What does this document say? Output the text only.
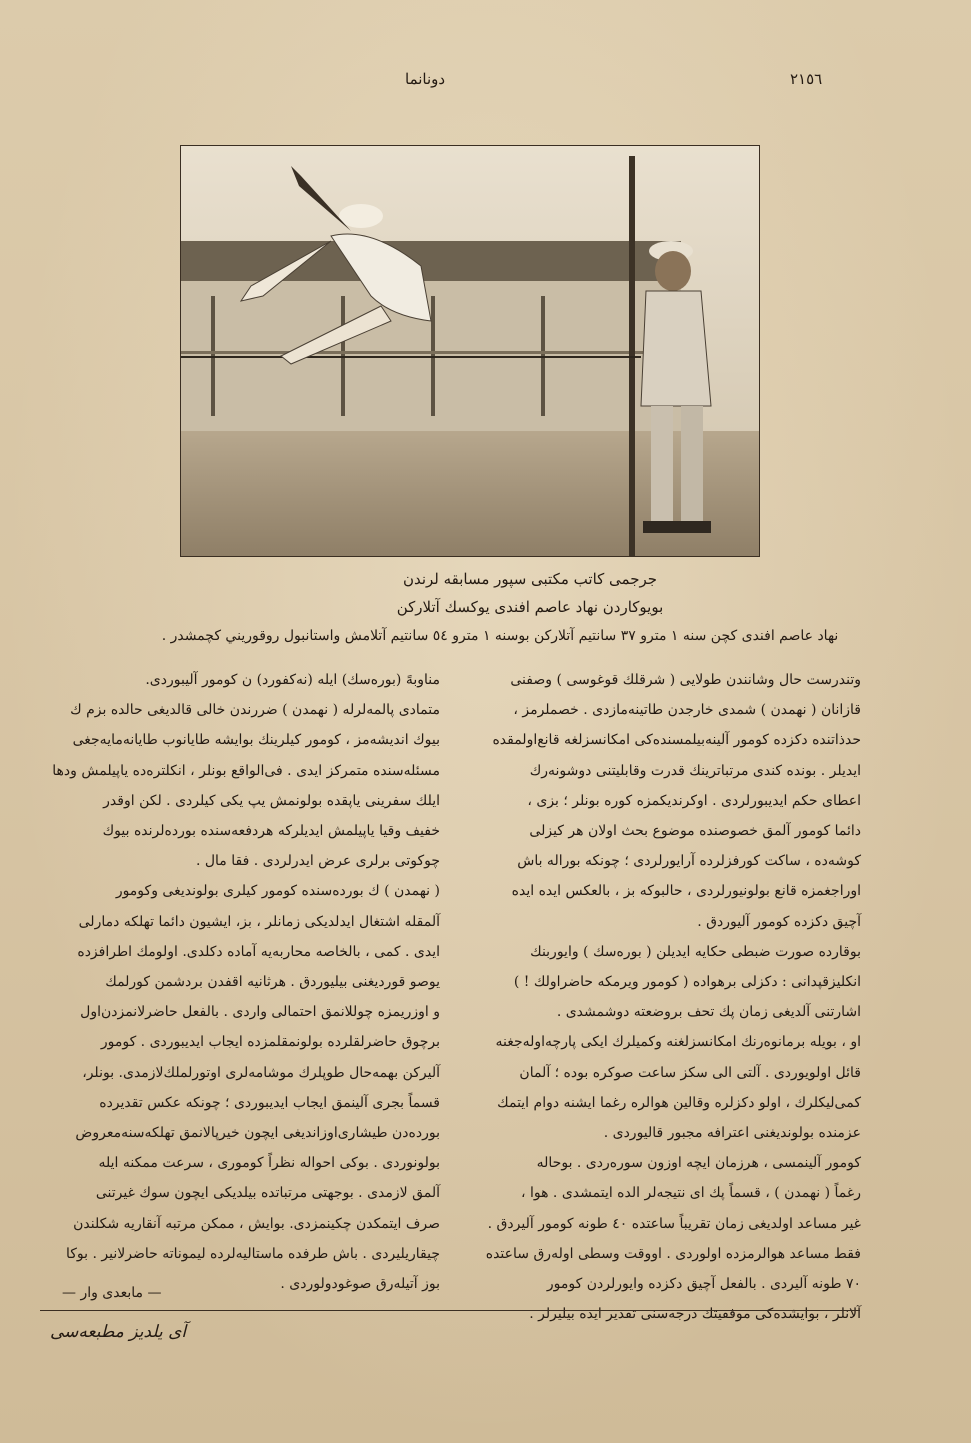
٢١٥٦
دونانما
جرجمی کاتب مکتبی سپور مسابقه لرندن
بویوکاردن نهاد عاصم افندی یوکسك آتلارکن
نهاد عاصم افندی کچن سنه ١ مترو ٣٧ سانتیم آتلارکن بوسنه ١ مترو ٥٤ سانتیم آتلامش واستانبول روقوريني کچمشدر .

وتندرست حال وشانندن طولایی ( شرقلك قوغوسی ) وصفنی

قازانان ( نهمدن ) شمدی خارجدن طاتینه‌مازدی . خصملرمز ،

حدذاتنده دکزده کومور آلینه‌بیلمسنده‌کی امکانسزلغه قانع‌اولمقده

ایدیلر . بونده کندی مرتباترینك قدرت وقابلیتنی دوشونه‌رك

اعطای حکم ایدیبورلردی . اوکرندیکمزه کوره بونلر ؛ بزی ،

دائما کومور آلمق خصوصنده موضوع بحث اولان هر کیزلی

کوشه‌ده ، ساکت کورفزلرده آرایورلردی ؛ چونکه بوراله باش

اوراجغمزه قانع بولونیورلردی ، حالبوکه بز ، بالعکس ایده ایده

آچیق دکزده کومور آلیوردق .

بوقارده صورت ضبطی حکایه ایدیلن ( بورەسك ) وایوربنك

انکلیزقپدانی : دکزلی برهواده ( کومور ویرمکه حاضراولك ! )

اشارتنی آلدیغی زمان پك تحف بروضعته دوشمشدی .

او ، بویله برمانوه‌رنك امکانسزلغنه وکمیلرك ایکی پارچه‌اوله‌جغنه

قائل اولویوردی . آلتی الی سکز ساعت صوکره بوده ؛ آلمان

کمی‌لیکلرك ، اولو دکزلره وقالین هوالره رغما ایشنه دوام ایتمك

عزمنده بولوندیغنی اعترافه مجبور قالیوردی .

کومور آلینمسی ، هرزمان ایچه اوزون سوره‌ردی . بوحاله

رغماً ( نهمدن ) ، قسماً پك ای نتیجه‌لر الده ایتمشدی . هوا ،

غیر مساعد اولدیغی زمان تقریباً ساعتده ٤٠ طونه کومور آلیردق .

فقط مساعد هوالرمزده اولوردی . اووقت وسطی اوله‌رق ساعتده

٧٠ طونه آلیردی . بالفعل آچیق دکزده وایورلردن کومور

آلانلر ، بوایشده‌کی موفقیتك درجه‌سنی تقدیر ایده بیلیرلر .

مناوبهً (بورەسك) ایله (نه‌کفورد) ن کومور آلیبوردی.

متمادی پالمه‌لرله ( نهمدن ) ضررندن خالی قالدیغی حالده بزم ك

بیوك اندیشه‌مز ، کومور کیلرینك بوایشه طایانوب طایانه‌مایه‌جغی

مسئله‌سنده متمرکز ایدی . فی‌الواقع بونلر ، انکلتره‌ده یاپیلمش ودها

ایلك سفرینی یاپقده بولونمش یپ یکی کیلردی . لکن اوقدر

خفیف وقیا یاپیلمش ایدیلرکه هردفعه‌سنده بورده‌لرنده بیوك

چوکوتی برلری عرض ایدرلردی . فقا مال .

( نهمدن ) ك بورده‌سنده کومور کیلری بولوندیغی وکومور

آلمقله اشتغال ایدلدیکی زمانلر ، بز، ایشیون دائما تهلکه دمارلی

ایدی . کمی ، بالخاصه محاربه‌یه آماده دکلدی. اولومك اطرافزده

یوصو قوردیغنی بیلیوردق . هرثانیه اقفدن بردشمن کورلمك

و اوزریمزه چوللانمق احتمالی واردی . بالفعل حاضرلانمزدن‌اول

برچوق حاضرلقلرده بولونمقلمزده ایجاب ایدیبوردی . کومور

آلیرکن بهمه‌حال طوپلرك موشامه‌لری اوتورلملك‌لازمدی. بونلر،

قسماً بجری آلینمق ایجاب ایدیبوردی ؛ چونکه عکس تقدیرده

بورده‌دن طیشاری‌اوزاندیغی ایچون خیرپالانمق تهلکه‌سنه‌معروض

بولونوردی . بوکی احواله نظراً کوموری ، سرعت ممکنه ایله

آلمق لازمدی . بوجهتی مرتباتده بیلدیکی ایچون سوك غیرتنی

صرف ایتمکدن چکینمزدی. بوایش ، ممکن مرتبه آنقاریه شکلندن

چیقاریلیردی . باش طرفده ماستالیه‌لرده لیموناته حاضرلانیر . بوکا

بوز آتیله‌رق صوغودولوردی .

— مابعدی وار —
آی یلدیز مطبعه‌سی
